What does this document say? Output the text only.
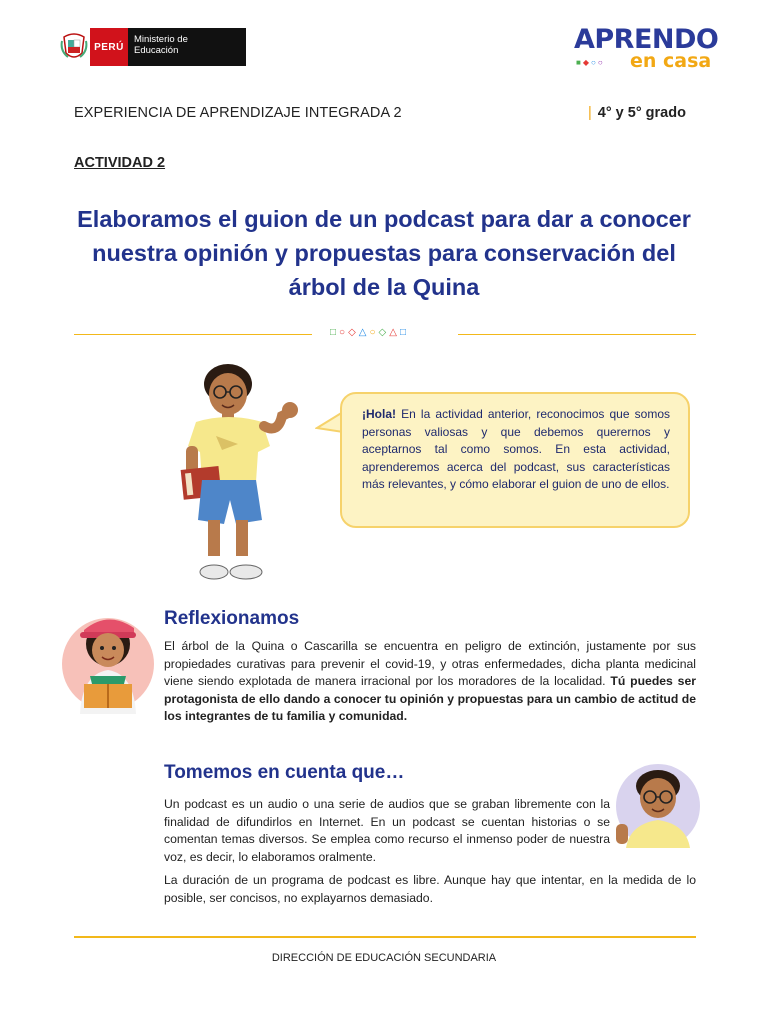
PERÚ
Ministerio de Educación	APRENDO
en casa
■◆○○
EXPERIENCIA DE APRENDIZAJE INTEGRADA 2	| 4° y 5° grado
ACTIVIDAD 2
Elaboramos el guion de un podcast para dar a conocer nuestra opinión y propuestas para conservación del árbol de la Quina
□○◇△○◇△□
¡Hola! En la actividad anterior, reconocimos que somos personas valiosas y que debemos querernos y aceptarnos tal como somos. En esta actividad, aprenderemos acerca del podcast, sus características más relevantes, y cómo elaborar el guion de uno de ellos.
Reflexionamos
El árbol de la Quina o Cascarilla se encuentra en peligro de extinción, justamente por sus propiedades curativas para prevenir el covid-19, y otras enfermedades, dicha planta medicinal viene siendo explotada de manera irracional por los moradores de la localidad. Tú puedes ser protagonista de ello dando a conocer tu opinión y propuestas para un cambio de actitud de los integrantes de tu familia y comunidad.
Tomemos en cuenta que…
Un podcast es un audio o una serie de audios que se graban libremente con la finalidad de difundirlos en Internet. En un podcast se cuentan historias o se comentan temas diversos. Se emplea como recurso el inmenso poder de nuestra voz, es decir, lo elaboramos oralmente.
La duración de un programa de podcast es libre. Aunque hay que intentar, en la medida de lo posible, ser concisos, no explayarnos demasiado.
DIRECCIÓN DE EDUCACIÓN SECUNDARIA
